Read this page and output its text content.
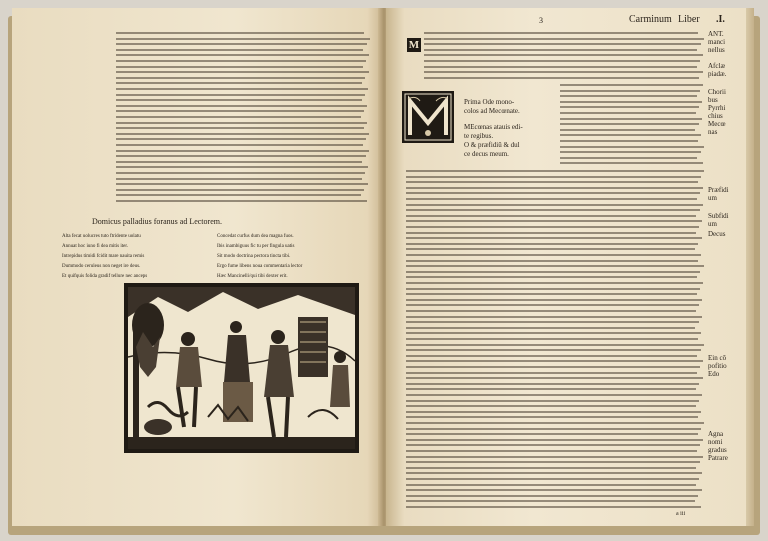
Domicus palladius foranus ad Lectorem.
Alta fecat uolucres tuto ftridente uolatu
Annuat hoc iuno fi dea mitis iter.
Intrepidus timidi fcidit mare nauita remis
Dummodo ceruleus non neget ire deus.
Et quifquis folida gradif tellure nec anceps
Concedat curfus dum dea magna fuos.
Ibis inambiguus fic tu per fingula uatis
Sit modo doctrina pectora tincta tibi.
Ergo fume libens noua commentaria lector
Hæc Mancinelli/qui tibi dexter erit.
3	Carminum Liber .I.
M
Prima Ode mono-
colos ad Mecœnate.
MEcœnas atauis edi-
te regibus.
O & præfidiū & dul
ce decus meum.
ANT.
manci
nellus
Afclæ
piadæ.
Chorii
bus
Pyrrhi
chius
Mecœ
nas
Præfidi
um
Subfidi
um
Decus
Ein cō
pofitio
Edo
Agna
nomi
gradus
Patrare
a iii
